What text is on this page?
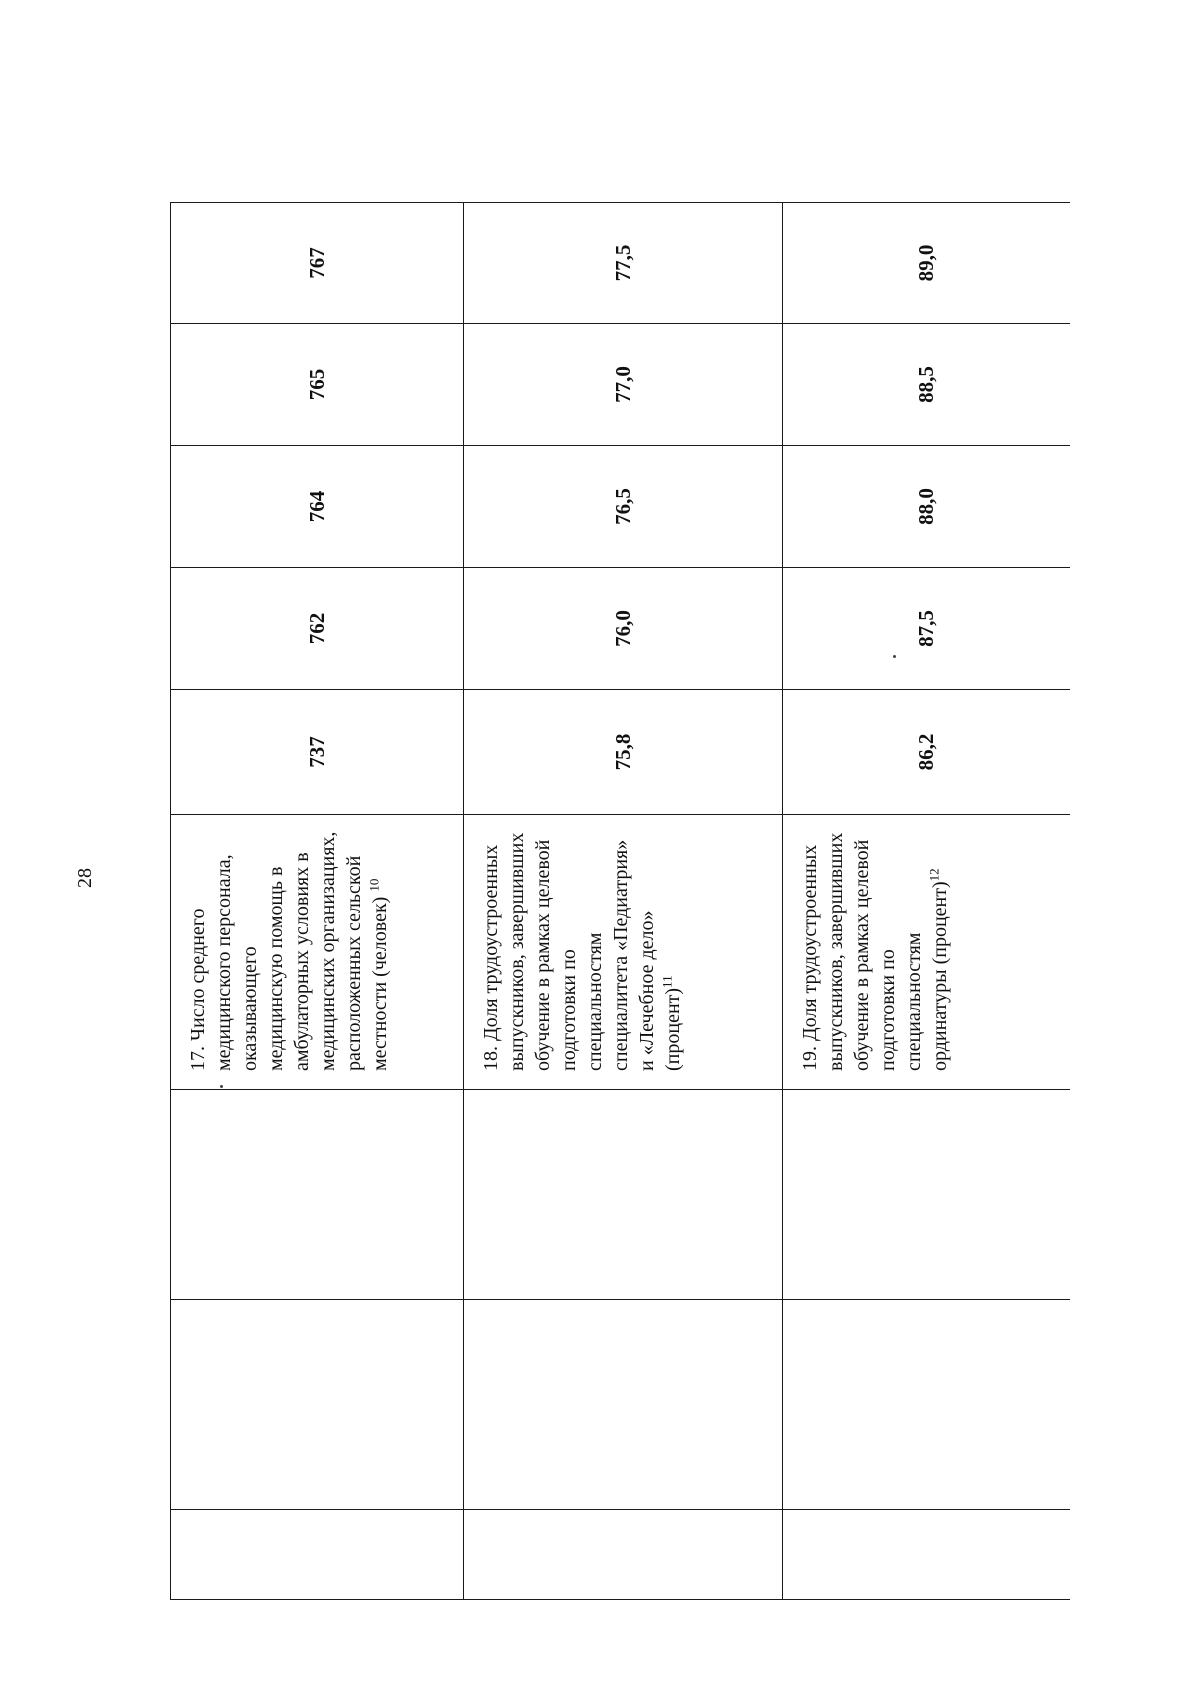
28
			17. Число среднего медицинского персонала, оказывающего медицинскую помощь в амбулаторных условиях в медицинских организациях, расположенных сельской местности (человек) $^{10}$	737	762	764	765	767
			18. Доля трудоустроенных выпускников, завершивших обучение в рамках целевой подготовки по специальностям специалитета «Педиатрия» и «Лечебное дело» (процент)$^{11}$	75,8	76,0	76,5	77,0	77,5
			19. Доля трудоустроенных выпускников, завершивших обучение в рамках целевой подготовки по специальностям ординатуры (процент)$^{12}$	86,2	87,5	88,0	88,5	89,0
